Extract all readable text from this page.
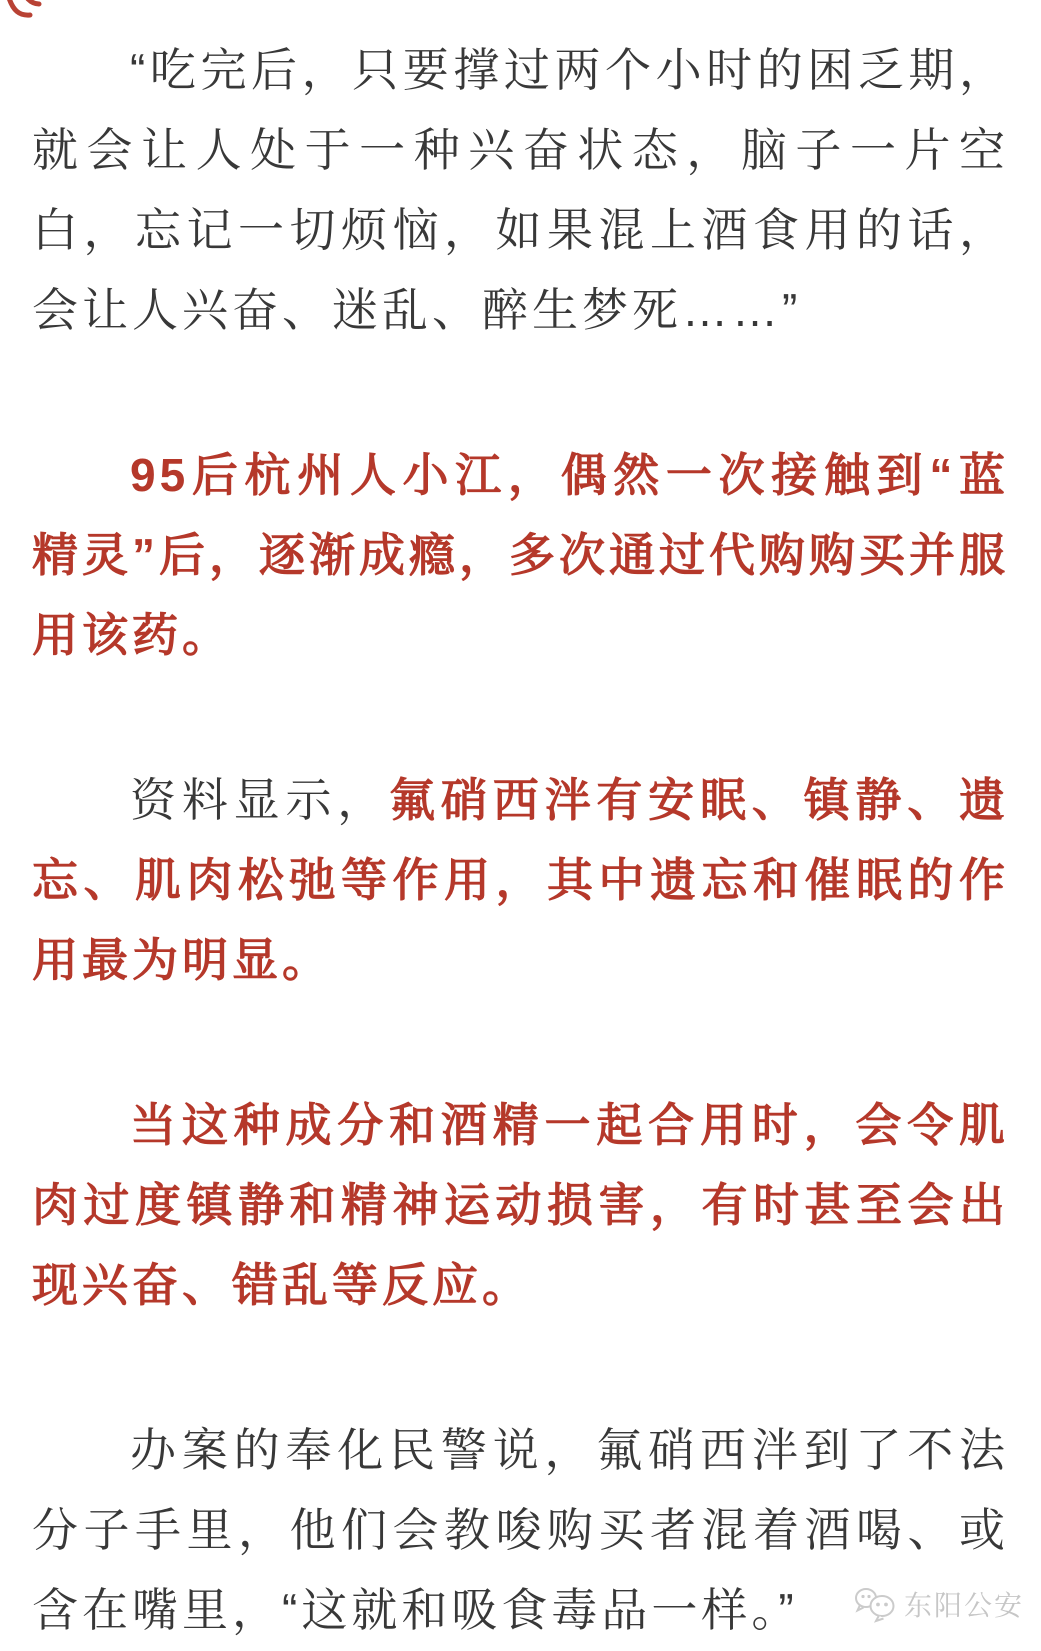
“吃完后，只要撑过两个小时的困乏期，就会让人处于一种兴奋状态，脑子一片空白，忘记一切烦恼，如果混上酒食用的话，会让人兴奋、迷乱、醉生梦死……”

95后杭州人小江，偶然一次接触到“蓝精灵”后，逐渐成瘾，多次通过代购购买并服用该药。

资料显示，氟硝西泮有安眠、镇静、遗忘、肌肉松弛等作用，其中遗忘和催眠的作用最为明显。

当这种成分和酒精一起合用时，会令肌肉过度镇静和精神运动损害，有时甚至会出现兴奋、错乱等反应。

办案的奉化民警说，氟硝西泮到了不法分子手里，他们会教唆购买者混着酒喝、或含在嘴里，“这就和吸食毒品一样。”	东阳公安
